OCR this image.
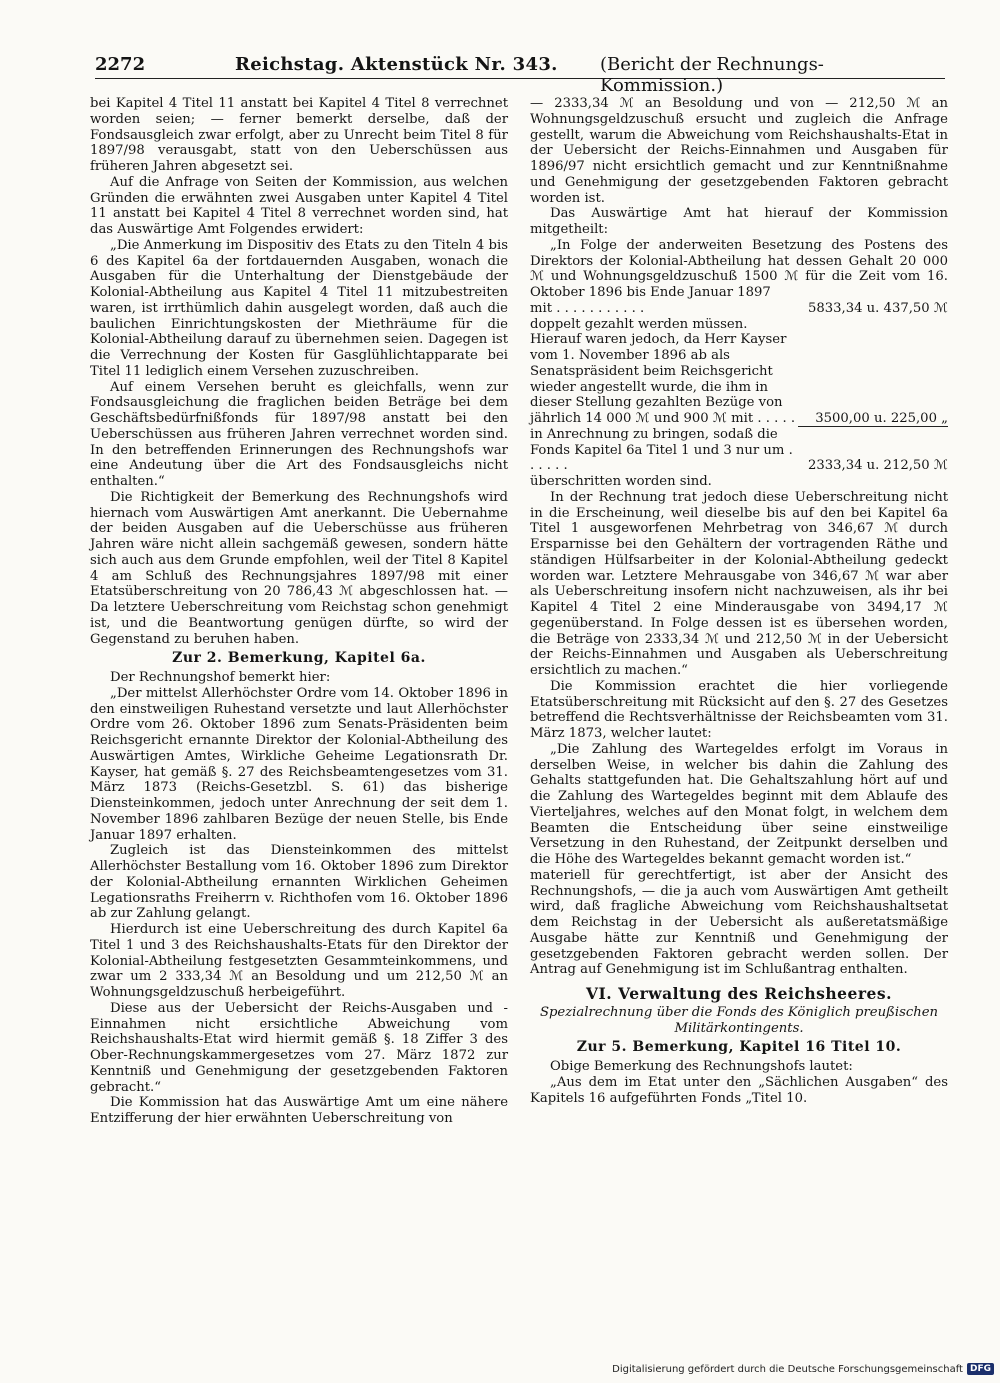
2272	Reichstag. Aktenstück Nr. 343. (Bericht der Rechnungs-Kommission.)

bei Kapitel 4 Titel 11 anstatt bei Kapitel 4 Titel 8 verrechnet worden seien; — ferner bemerkt derselbe, daß der Fondsausgleich zwar erfolgt, aber zu Unrecht beim Titel 8 für 1897/98 verausgabt, statt von den Ueberschüssen aus früheren Jahren abgesetzt sei.

Auf die Anfrage von Seiten der Kommission, aus welchen Gründen die erwähnten zwei Ausgaben unter Kapitel 4 Titel 11 anstatt bei Kapitel 4 Titel 8 verrechnet worden sind, hat das Auswärtige Amt Folgendes erwidert:

„Die Anmerkung im Dispositiv des Etats zu den Titeln 4 bis 6 des Kapitel 6a der fortdauernden Ausgaben, wonach die Ausgaben für die Unterhaltung der Dienstgebäude der Kolonial-Abtheilung aus Kapitel 4 Titel 11 mitzubestreiten waren, ist irrthümlich dahin ausgelegt worden, daß auch die baulichen Einrichtungskosten der Miethräume für die Kolonial-Abtheilung darauf zu übernehmen seien. Dagegen ist die Verrechnung der Kosten für Gasglühlichtapparate bei Titel 11 lediglich einem Versehen zuzuschreiben.

Auf einem Versehen beruht es gleichfalls, wenn zur Fondsausgleichung die fraglichen beiden Beträge bei dem Geschäftsbedürfnißfonds für 1897/98 anstatt bei den Ueberschüssen aus früheren Jahren verrechnet worden sind. In den betreffenden Erinnerungen des Rechnungshofs war eine Andeutung über die Art des Fondsausgleichs nicht enthalten.“

Die Richtigkeit der Bemerkung des Rechnungshofs wird hiernach vom Auswärtigen Amt anerkannt. Die Uebernahme der beiden Ausgaben auf die Ueberschüsse aus früheren Jahren wäre nicht allein sachgemäß gewesen, sondern hätte sich auch aus dem Grunde empfohlen, weil der Titel 8 Kapitel 4 am Schluß des Rechnungsjahres 1897/98 mit einer Etatsüberschreitung von 20 786,43 ℳ abgeschlossen hat. — Da letztere Ueberschreitung vom Reichstag schon genehmigt ist, und die Beantwortung genügen dürfte, so wird der Gegenstand zu beruhen haben.

Zur 2. Bemerkung, Kapitel 6a.

Der Rechnungshof bemerkt hier:

„Der mittelst Allerhöchster Ordre vom 14. Oktober 1896 in den einstweiligen Ruhestand versetzte und laut Allerhöchster Ordre vom 26. Oktober 1896 zum Senats-Präsidenten beim Reichsgericht ernannte Direktor der Kolonial-Abtheilung des Auswärtigen Amtes, Wirkliche Geheime Legationsrath Dr. Kayser, hat gemäß §. 27 des Reichsbeamtengesetzes vom 31. März 1873 (Reichs-Gesetzbl. S. 61) das bisherige Diensteinkommen, jedoch unter Anrechnung der seit dem 1. November 1896 zahlbaren Bezüge der neuen Stelle, bis Ende Januar 1897 erhalten.

Zugleich ist das Diensteinkommen des mittelst Allerhöchster Bestallung vom 16. Oktober 1896 zum Direktor der Kolonial-Abtheilung ernannten Wirklichen Geheimen Legationsraths Freiherrn v. Richthofen vom 16. Oktober 1896 ab zur Zahlung gelangt.

Hierdurch ist eine Ueberschreitung des durch Kapitel 6a Titel 1 und 3 des Reichshaushalts-Etats für den Direktor der Kolonial-Abtheilung festgesetzten Gesammteinkommens, und zwar um 2 333,34 ℳ an Besoldung und um 212,50 ℳ an Wohnungsgeldzuschuß herbeigeführt.

Diese aus der Uebersicht der Reichs-Ausgaben und -Einnahmen nicht ersichtliche Abweichung vom Reichshaushalts-Etat wird hiermit gemäß §. 18 Ziffer 3 des Ober-Rechnungskammergesetzes vom 27. März 1872 zur Kenntniß und Genehmigung der gesetzgebenden Faktoren gebracht.“

Die Kommission hat das Auswärtige Amt um eine nähere Entzifferung der hier erwähnten Ueberschreitung von

— 2333,34 ℳ an Besoldung und von — 212,50 ℳ an Wohnungsgeldzuschuß ersucht und zugleich die Anfrage gestellt, warum die Abweichung vom Reichshaushalts-Etat in der Uebersicht der Reichs-Einnahmen und Ausgaben für 1896/97 nicht ersichtlich gemacht und zur Kenntnißnahme und Genehmigung der gesetzgebenden Faktoren gebracht worden ist.

Das Auswärtige Amt hat hierauf der Kommission mitgetheilt:

„In Folge der anderweiten Besetzung des Postens des Direktors der Kolonial-Abtheilung hat dessen Gehalt 20 000 ℳ und Wohnungsgeldzuschuß 1500 ℳ für die Zeit vom 16. Oktober 1896 bis Ende Januar 1897

mit . . . . . . . . . . .	5833,34 u. 437,50 ℳ
doppelt gezahlt werden müssen. Hierauf waren jedoch, da Herr Kayser vom 1. November 1896 ab als Senatspräsident beim Reichsgericht wieder angestellt wurde, die ihm in dieser Stellung gezahlten Bezüge von jährlich 14 000 ℳ und 900 ℳ mit . . . . .	3500,00 u. 225,00 „
in Anrechnung zu bringen, sodaß die Fonds Kapitel 6a Titel 1 und 3 nur um . . . . . .	2333,34 u. 212,50 ℳ
überschritten worden sind.	

In der Rechnung trat jedoch diese Ueberschreitung nicht in die Erscheinung, weil dieselbe bis auf den bei Kapitel 6a Titel 1 ausgeworfenen Mehrbetrag von 346,67 ℳ durch Ersparnisse bei den Gehältern der vortragenden Räthe und ständigen Hülfsarbeiter in der Kolonial-Abtheilung gedeckt worden war. Letztere Mehrausgabe von 346,67 ℳ war aber als Ueberschreitung insofern nicht nachzuweisen, als ihr bei Kapitel 4 Titel 2 eine Minderausgabe von 3494,17 ℳ gegenüberstand. In Folge dessen ist es übersehen worden, die Beträge von 2333,34 ℳ und 212,50 ℳ in der Uebersicht der Reichs-Einnahmen und Ausgaben als Ueberschreitung ersichtlich zu machen.“

Die Kommission erachtet die hier vorliegende Etatsüberschreitung mit Rücksicht auf den §. 27 des Gesetzes betreffend die Rechtsverhältnisse der Reichsbeamten vom 31. März 1873, welcher lautet:

„Die Zahlung des Wartegeldes erfolgt im Voraus in derselben Weise, in welcher bis dahin die Zahlung des Gehalts stattgefunden hat. Die Gehaltszahlung hört auf und die Zahlung des Wartegeldes beginnt mit dem Ablaufe des Vierteljahres, welches auf den Monat folgt, in welchem dem Beamten die Entscheidung über seine einstweilige Versetzung in den Ruhestand, der Zeitpunkt derselben und die Höhe des Wartegeldes bekannt gemacht worden ist.“

materiell für gerechtfertigt, ist aber der Ansicht des Rechnungshofs, — die ja auch vom Auswärtigen Amt getheilt wird, daß fragliche Abweichung vom Reichshaushaltsetat dem Reichstag in der Uebersicht als außeretatsmäßige Ausgabe hätte zur Kenntniß und Genehmigung der gesetzgebenden Faktoren gebracht werden sollen. Der Antrag auf Genehmigung ist im Schlußantrag enthalten.

VI. Verwaltung des Reichsheeres.

Spezialrechnung über die Fonds des Königlich preußischen Militärkontingents.

Zur 5. Bemerkung, Kapitel 16 Titel 10.

Obige Bemerkung des Rechnungshofs lautet:

„Aus dem im Etat unter den „Sächlichen Ausgaben“ des Kapitels 16 aufgeführten Fonds „Titel 10.

Digitalisierung gefördert durch die Deutsche Forschungsgemeinschaft DFG
